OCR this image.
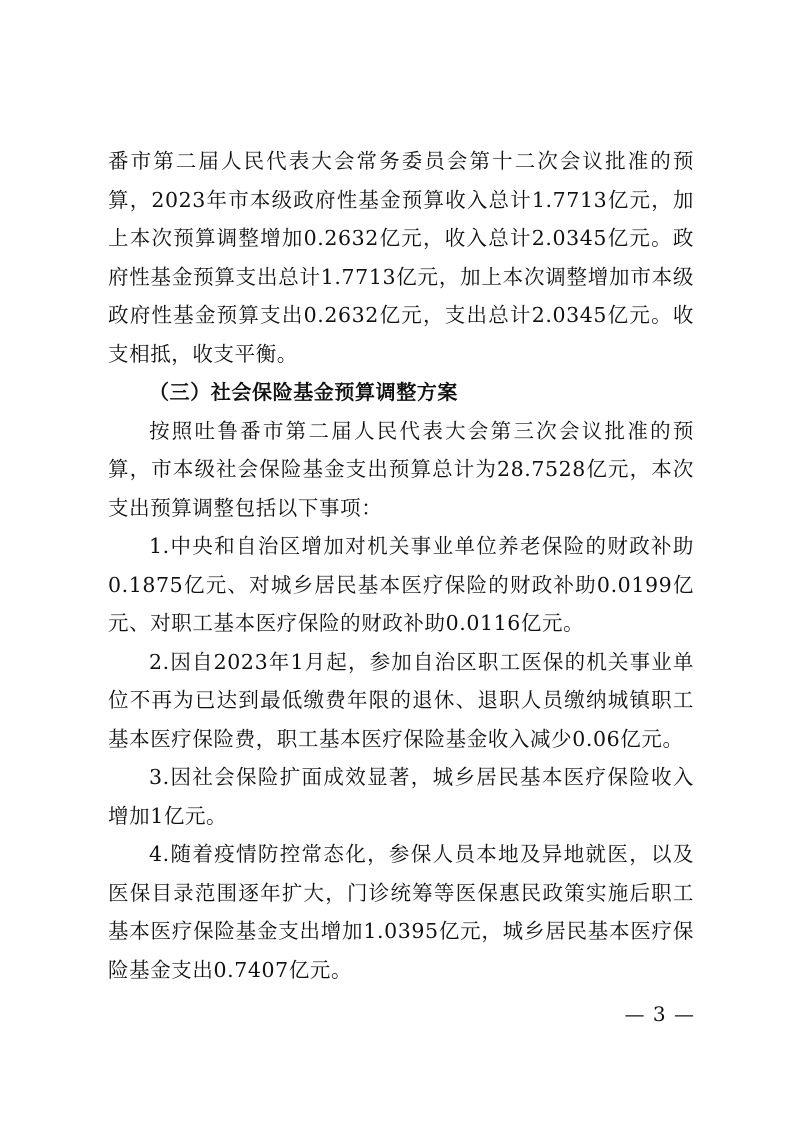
番市第二届人民代表大会常务委员会第十二次会议批准的预算，2023年市本级政府性基金预算收入总计1.7713亿元，加上本次预算调整增加0.2632亿元，收入总计2.0345亿元。政府性基金预算支出总计1.7713亿元，加上本次调整增加市本级政府性基金预算支出0.2632亿元，支出总计2.0345亿元。收支相抵，收支平衡。

（三）社会保险基金预算调整方案

按照吐鲁番市第二届人民代表大会第三次会议批准的预算，市本级社会保险基金支出预算总计为28.7528亿元，本次支出预算调整包括以下事项：

1.中央和自治区增加对机关事业单位养老保险的财政补助0.1875亿元、对城乡居民基本医疗保险的财政补助0.0199亿元、对职工基本医疗保险的财政补助0.0116亿元。

2.因自2023年1月起，参加自治区职工医保的机关事业单位不再为已达到最低缴费年限的退休、退职人员缴纳城镇职工基本医疗保险费，职工基本医疗保险基金收入减少0.06亿元。

3.因社会保险扩面成效显著，城乡居民基本医疗保险收入增加1亿元。

4.随着疫情防控常态化，参保人员本地及异地就医，以及医保目录范围逐年扩大，门诊统筹等医保惠民政策实施后职工基本医疗保险基金支出增加1.0395亿元，城乡居民基本医疗保险基金支出0.7407亿元。

— 3 —
